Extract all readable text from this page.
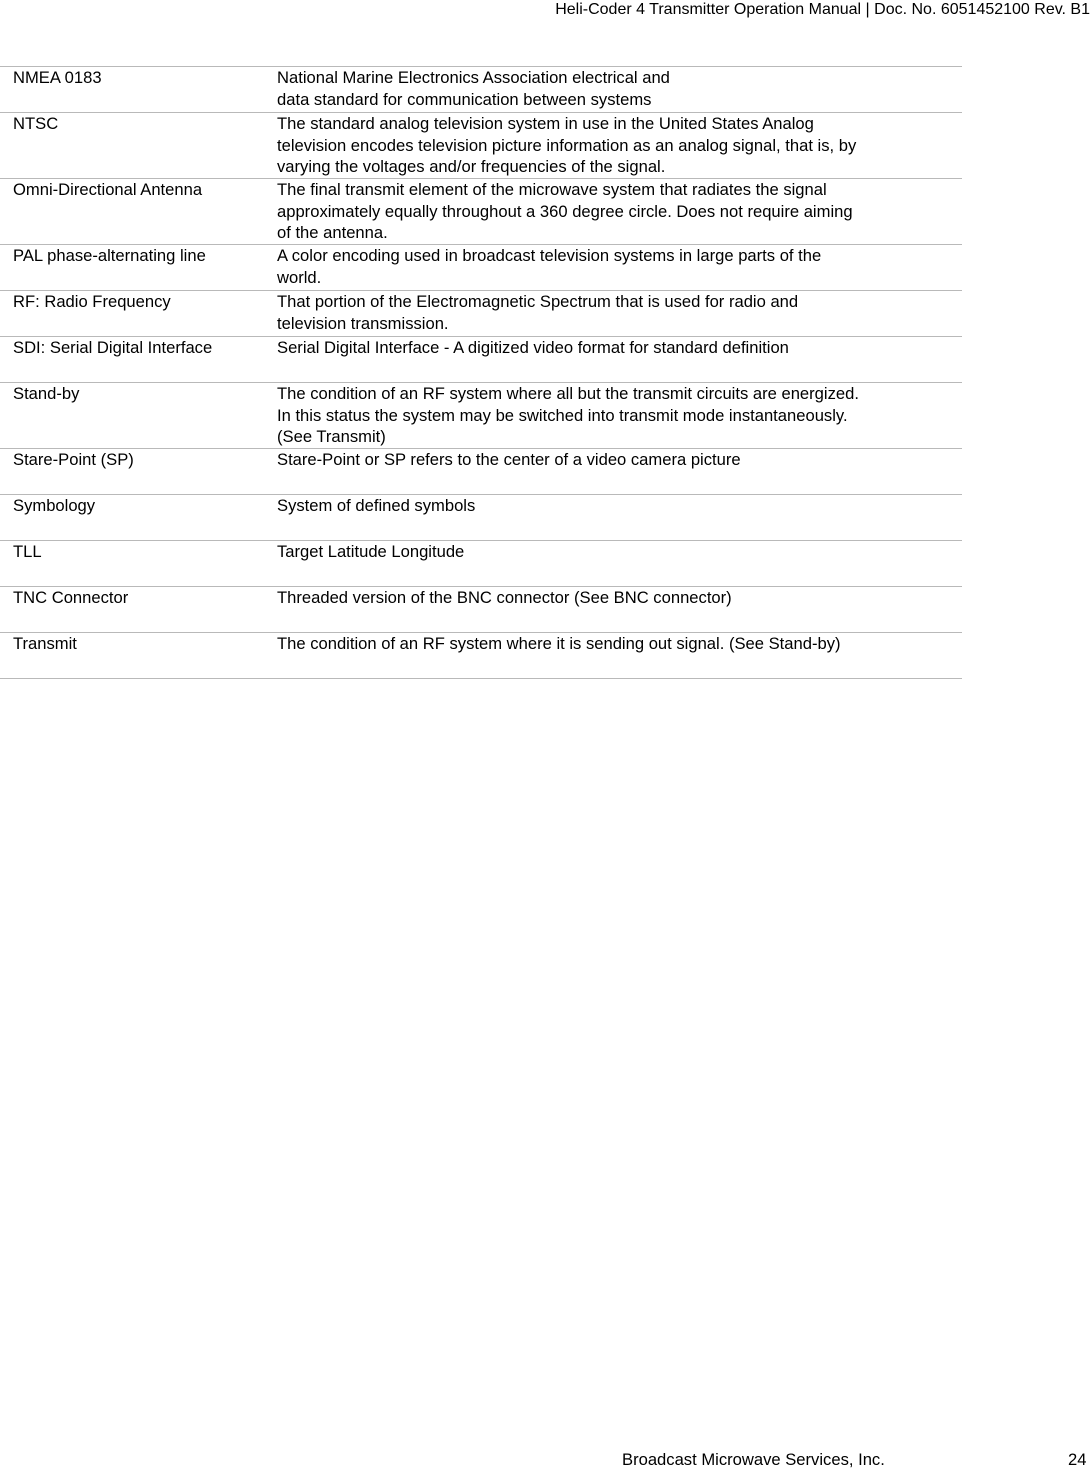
Heli-Coder 4 Transmitter Operation Manual | Doc. No. 6051452100 Rev. B1
NMEA 0183	National Marine Electronics Association electrical and
data standard for communication between systems
NTSC	The standard analog television system in use in the United States Analog
television encodes television picture information as an analog signal, that is, by
varying the voltages and/or frequencies of the signal.
Omni-Directional Antenna	The final transmit element of the microwave system that radiates the signal
approximately equally throughout a 360 degree circle. Does not require aiming
of the antenna.
PAL phase-alternating line	A color encoding used in broadcast television systems in large parts of the
world.
RF: Radio Frequency	That portion of the Electromagnetic Spectrum that is used for radio and
television transmission.
SDI: Serial Digital Interface	Serial Digital Interface - A digitized video format for standard definition
Stand-by	The condition of an RF system where all but the transmit circuits are energized.
In this status the system may be switched into transmit mode instantaneously.
(See Transmit)
Stare-Point (SP)	Stare-Point or SP refers to the center of a video camera picture
Symbology	System of defined symbols
TLL	Target Latitude Longitude
TNC Connector	Threaded version of the BNC connector (See BNC connector)
Transmit	The condition of an RF system where it is sending out signal. (See Stand-by)
Broadcast Microwave Services, Inc.	24
